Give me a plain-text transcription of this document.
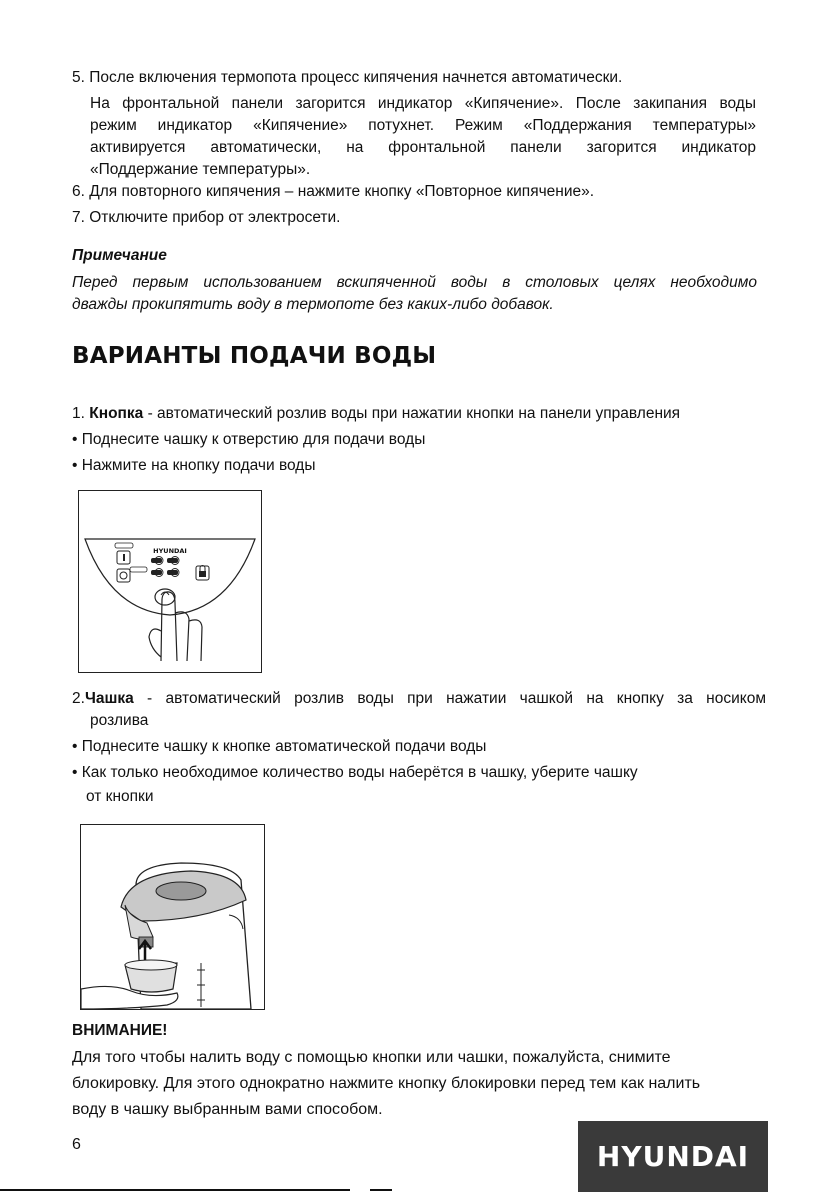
5. После включения термопота процесс кипячения начнется автоматически.
На фронтальной панели загорится индикатор «Кипячение». После закипания воды
режим индикатор «Кипячение» потухнет. Режим «Поддержания температуры»
активируется автоматически, на фронтальной панели загорится индикатор
«Поддержание температуры».
6. Для повторного кипячения – нажмите кнопку «Повторное кипячение».
7. Отключите прибор от электросети.
Примечание
Перед первым использованием вскипяченной воды в столовых целях необходимо
дважды прокипятить воду в термопоте без каких-либо добавок.
ВАРИАНТЫ ПОДАЧИ ВОДЫ
1. Кнопка - автоматический розлив воды при нажатии кнопки на панели управления
• Поднесите чашку к отверстию для подачи воды
• Нажмите на кнопку подачи воды
HYUNDAI
2.Чашка - автоматический розлив воды при нажатии чашкой на кнопку за носиком
розлива
• Поднесите чашку к кнопке автоматической подачи воды
• Как только необходимое количество воды наберётся в чашку, уберите чашку
от кнопки
ВНИМАНИЕ!
Для того чтобы налить воду с помощью кнопки или чашки, пожалуйста, снимите
блокировку. Для этого однократно нажмите кнопку блокировки перед тем как налить
воду в чашку выбранным вами способом.
6	HYUNDAI
